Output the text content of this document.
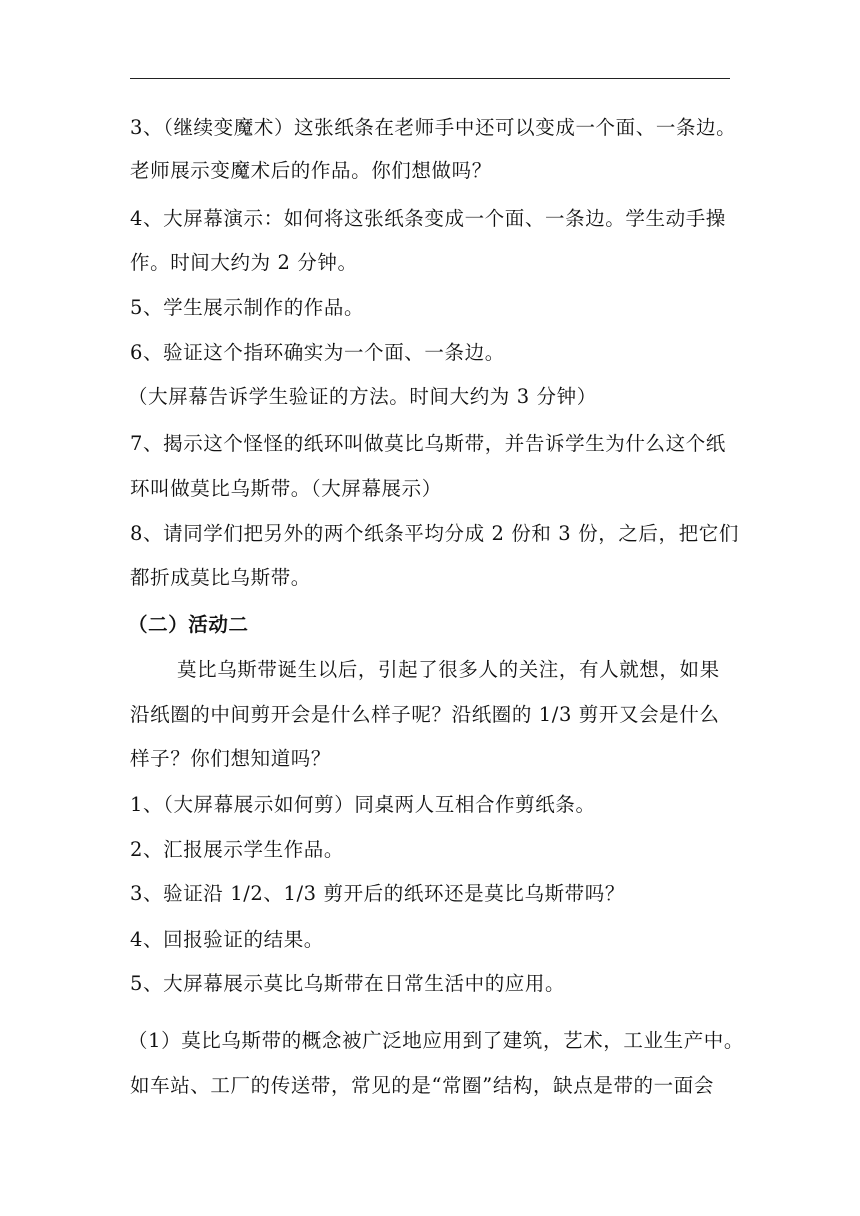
3、（继续变魔术）这张纸条在老师手中还可以变成一个面、一条边。
老师展示变魔术后的作品。你们想做吗？
4、大屏幕演示：如何将这张纸条变成一个面、一条边。学生动手操
作。时间大约为 2 分钟。
5、学生展示制作的作品。
6、验证这个指环确实为一个面、一条边。
（大屏幕告诉学生验证的方法。时间大约为 3 分钟）
7、揭示这个怪怪的纸环叫做莫比乌斯带，并告诉学生为什么这个纸
环叫做莫比乌斯带。（大屏幕展示）
8、请同学们把另外的两个纸条平均分成 2 份和 3 份，之后，把它们
都折成莫比乌斯带。
（二）活动二
莫比乌斯带诞生以后，引起了很多人的关注，有人就想，如果
沿纸圈的中间剪开会是什么样子呢？沿纸圈的 1/3 剪开又会是什么
样子？你们想知道吗？
1、（大屏幕展示如何剪）同桌两人互相合作剪纸条。
2、汇报展示学生作品。
3、验证沿 1/2、1/3 剪开后的纸环还是莫比乌斯带吗？
4、回报验证的结果。
5、大屏幕展示莫比乌斯带在日常生活中的应用。
（1）莫比乌斯带的概念被广泛地应用到了建筑，艺术，工业生产中。
如车站、工厂的传送带，常见的是“常圈”结构，缺点是带的一面会
